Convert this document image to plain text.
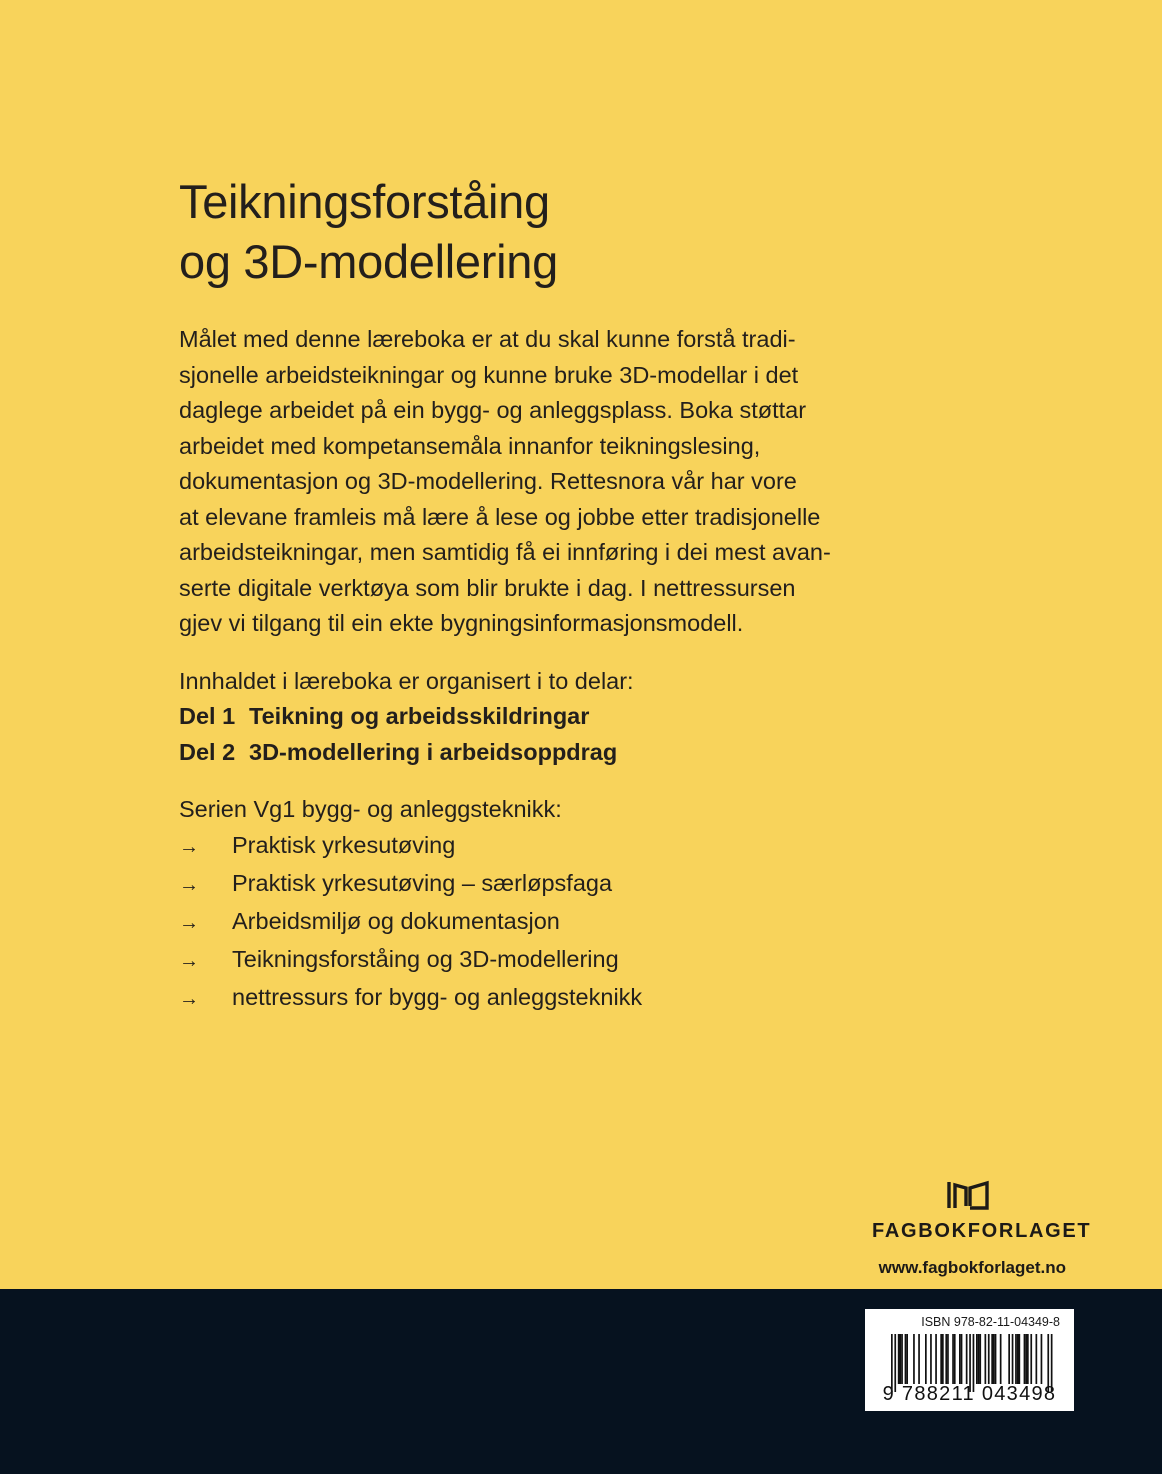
Teikningsforståing
og 3D-modellering

Målet med denne læreboka er at du skal kunne forstå tradi-
sjonelle arbeidsteikningar og kunne bruke 3D-modellar i det
daglege arbeidet på ein bygg- og anleggsplass. Boka støttar
arbeidet med kompetansemåla innanfor teikningslesing,
dokumentasjon og 3D-modellering. Rettesnora vår har vore
at elevane framleis må lære å lese og jobbe etter tradisjonelle
arbeidsteikningar, men samtidig få ei innføring i dei mest avan-
serte digitale verktøya som blir brukte i dag. I nettressursen
gjev vi tilgang til ein ekte bygningsinformasjonsmodell.

Innhaldet i læreboka er organisert i to delar:
Del 1 Teikning og arbeidsskildringar
Del 2 3D-modellering i arbeidsoppdrag
Serien Vg1 bygg- og anleggsteknikk:
→ Praktisk yrkesutøving
→ Praktisk yrkesutøving – særløpsfaga
→ Arbeidsmiljø og dokumentasjon
→ Teikningsforståing og 3D-modellering
→ nettressurs for bygg- og anleggsteknikk
FAGBOKFORLAGET
www.fagbokforlaget.no
ISBN 978-82-11-04349-8
9 788211 043498
